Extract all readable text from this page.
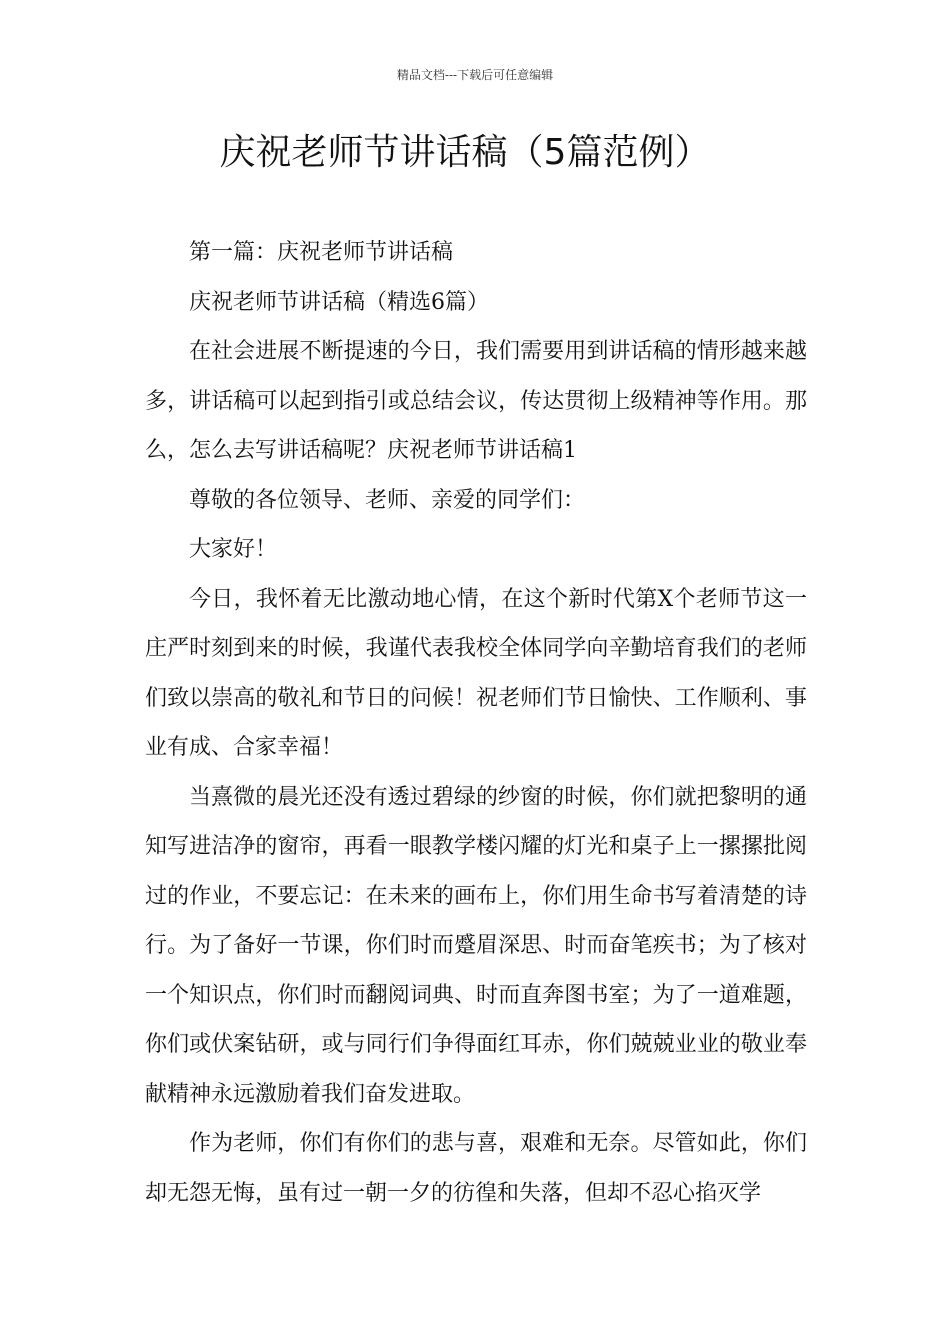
精品文档---下载后可任意编辑
庆祝老师节讲话稿（5篇范例）

第一篇：庆祝老师节讲话稿

庆祝老师节讲话稿（精选6篇）

在社会进展不断提速的今日，我们需要用到讲话稿的情形越来越多，讲话稿可以起到指引或总结会议，传达贯彻上级精神等作用。那么，怎么去写讲话稿呢？庆祝老师节讲话稿1

尊敬的各位领导、老师、亲爱的同学们：

大家好！

今日，我怀着无比激动地心情，在这个新时代第X个老师节这一庄严时刻到来的时候，我谨代表我校全体同学向辛勤培育我们的老师们致以崇高的敬礼和节日的问候！祝老师们节日愉快、工作顺利、事业有成、合家幸福！

当熹微的晨光还没有透过碧绿的纱窗的时候，你们就把黎明的通知写进洁净的窗帘，再看一眼教学楼闪耀的灯光和桌子上一摞摞批阅过的作业，不要忘记：在未来的画布上，你们用生命书写着清楚的诗行。为了备好一节课，你们时而蹙眉深思、时而奋笔疾书；为了核对一个知识点，你们时而翻阅词典、时而直奔图书室；为了一道难题，你们或伏案钻研，或与同行们争得面红耳赤，你们兢兢业业的敬业奉献精神永远激励着我们奋发进取。

作为老师，你们有你们的悲与喜，艰难和无奈。尽管如此，你们却无怨无悔，虽有过一朝一夕的彷徨和失落，但却不忍心掐灭学
